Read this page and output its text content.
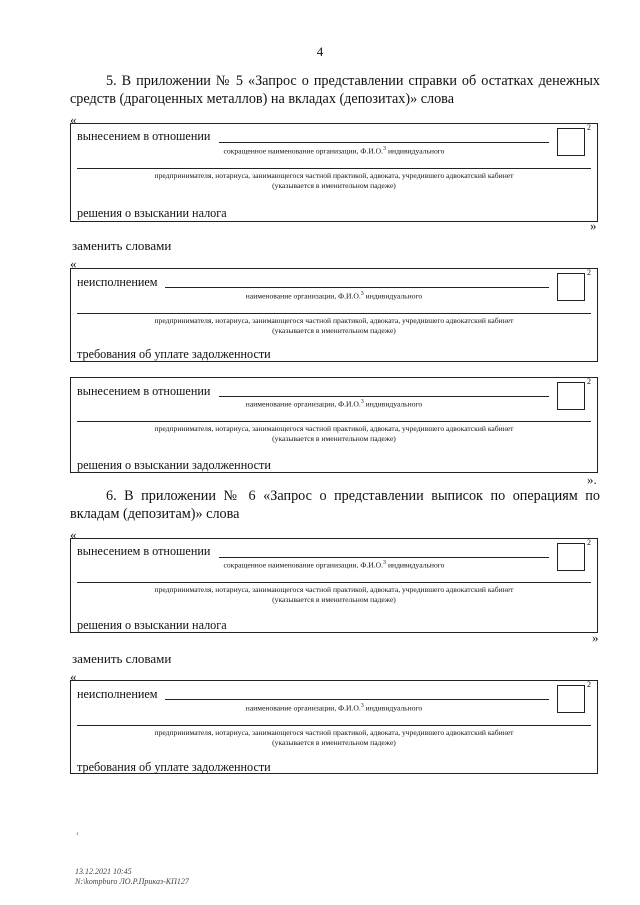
4
5. В приложении № 5 «Запрос о представлении справки об остатках денежных средств (драгоценных металлов) на вкладах (депозитах)» слова
«
вынесением в отношении
2
сокращенное наименование организации, Ф.И.О.$^3$ индивидуального
предпринимателя, нотариуса, занимающегося частной практикой, адвоката, учредившего адвокатский кабинет
(указывается в именительном падеже)
решения о взыскании налога
»
заменить словами
«
неисполнением
2
наименование организации, Ф.И.О.$^3$ индивидуального
предпринимателя, нотариуса, занимающегося частной практикой, адвоката, учредившего адвокатский кабинет
(указывается в именительном падеже)
требования об уплате задолженности
вынесением в отношении
2
наименование организации, Ф.И.О.$^3$ индивидуального
предпринимателя, нотариуса, занимающегося частной практикой, адвоката, учредившего адвокатский кабинет
(указывается в именительном падеже)
решения о взыскании задолженности
».
6. В приложении № 6 «Запрос о представлении выписок по операциям по вкладам (депозитам)» слова
«
вынесением в отношении
2
сокращенное наименование организации, Ф.И.О.$^3$ индивидуального
предпринимателя, нотариуса, занимающегося частной практикой, адвоката, учредившего адвокатский кабинет
(указывается в именительном падеже)
решения о взыскании налога
»
заменить словами
«
неисполнением
2
наименование организации, Ф.И.О.$^3$ индивидуального
предпринимателя, нотариуса, занимающегося частной практикой, адвоката, учредившего адвокатский кабинет
(указывается в именительном падеже)
требования об уплате задолженности
‹
13.12.2021 10:45
N:\kompburo ЛО.Р.Приказ-КП127
